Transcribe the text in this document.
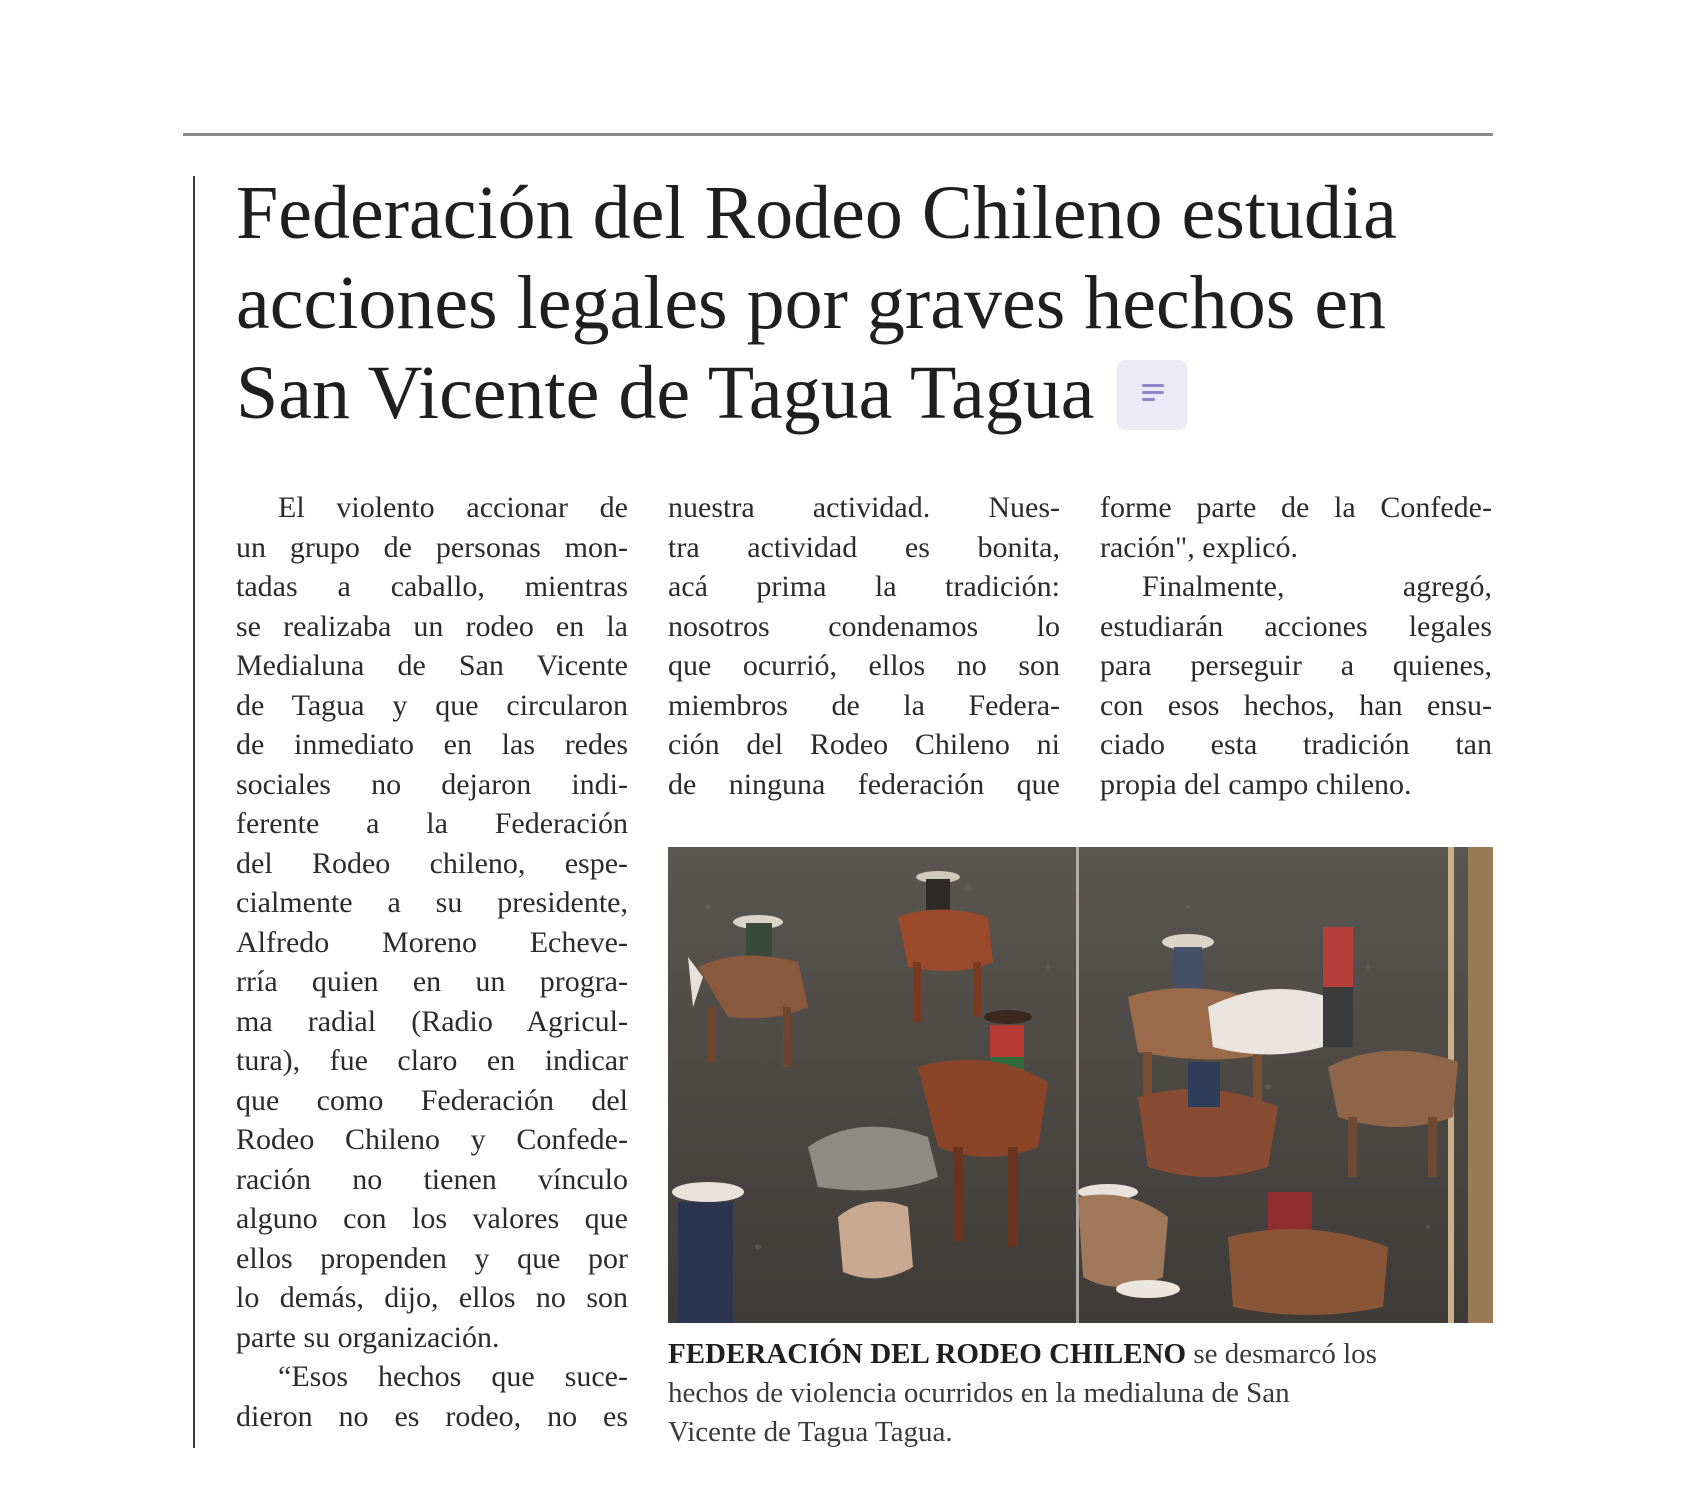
Federación del Rodeo Chileno estudia
acciones legales por graves hechos en
San Vicente de Tagua Tagua
El violento accionar de
un grupo de personas mon-
tadas a caballo, mientras
se realizaba un rodeo en la
Medialuna de San Vicente
de Tagua y que circularon
de inmediato en las redes
sociales no dejaron indi-
ferente a la Federación
del Rodeo chileno, espe-
cialmente a su presidente,
Alfredo Moreno Echeve-
rría quien en un progra-
ma radial (Radio Agricul-
tura), fue claro en indicar
que como Federación del
Rodeo Chileno y Confede-
ración no tienen vínculo
alguno con los valores que
ellos propenden y que por
lo demás, dijo, ellos no son
parte su organización.
“Esos hechos que suce-
dieron no es rodeo, no es
nuestra actividad. Nues-
tra actividad es bonita,
acá prima la tradición:
nosotros condenamos lo
que ocurrió, ellos no son
miembros de la Federa-
ción del Rodeo Chileno ni
de ninguna federación que
forme parte de la Confede-
ración", explicó.
Finalmente, agregó,
estudiarán acciones legales
para perseguir a quienes,
con esos hechos, han ensu-
ciado esta tradición tan
propia del campo chileno.
FEDERACIÓN DEL RODEO CHILENO se desmarcó los
hechos de violencia ocurridos en la medialuna de San
Vicente de Tagua Tagua.
